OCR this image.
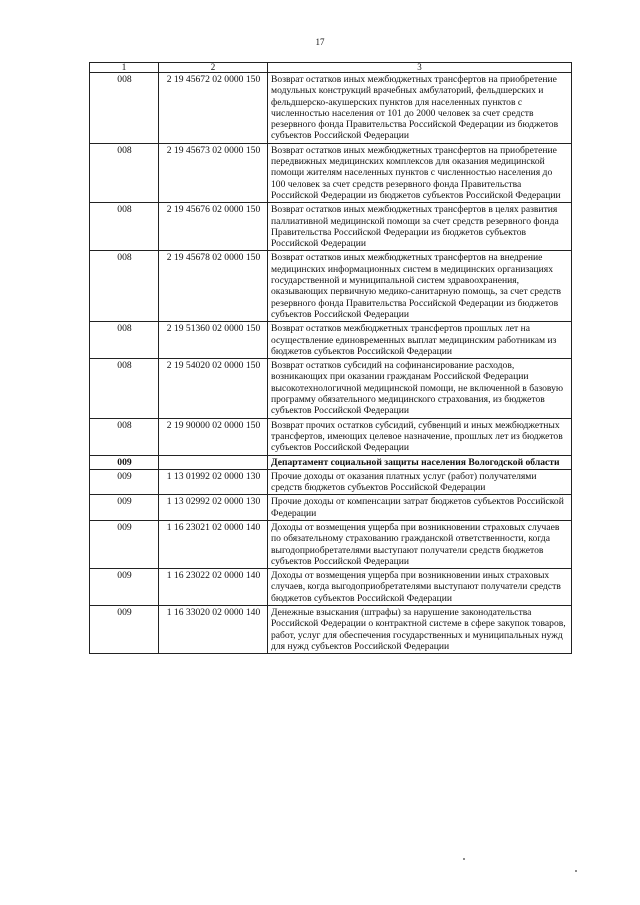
17
1	2	3
008	2 19 45672 02 0000 150	Возврат остатков иных межбюджетных трансфертов на приобретение модульных конструкций врачебных амбулаторий, фельдшерских и фельдшерско-акушерских пунктов для населенных пунктов с численностью населения от 101 до 2000 человек за счет средств резервного фонда Правительства Российской Федерации из бюджетов субъектов Российской Федерации
008	2 19 45673 02 0000 150	Возврат остатков иных межбюджетных трансфертов на приобретение передвижных медицинских комплексов для оказания медицинской помощи жителям населенных пунктов с численностью населения до 100 человек за счет средств резервного фонда Правительства Российской Федерации из бюджетов субъектов Российской Федерации
008	2 19 45676 02 0000 150	Возврат остатков иных межбюджетных трансфертов в целях развития паллиативной медицинской помощи за счет средств резервного фонда Правительства Российской Федерации из бюджетов субъектов Российской Федерации
008	2 19 45678 02 0000 150	Возврат остатков иных межбюджетных трансфертов на внедрение медицинских информационных систем в медицинских организациях государственной и муниципальной систем здравоохранения, оказывающих первичную медико-санитарную помощь, за счет средств резервного фонда Правительства Российской Федерации из бюджетов субъектов Российской Федерации
008	2 19 51360 02 0000 150	Возврат остатков межбюджетных трансфертов прошлых лет на осуществление единовременных выплат медицинским работникам из бюджетов субъектов Российской Федерации
008	2 19 54020 02 0000 150	Возврат остатков субсидий на софинансирование расходов, возникающих при оказании гражданам Российской Федерации высокотехнологичной медицинской помощи, не включенной в базовую программу обязательного медицинского страхования, из бюджетов субъектов Российской Федерации
008	2 19 90000 02 0000 150	Возврат прочих остатков субсидий, субвенций и иных межбюджетных трансфертов, имеющих целевое назначение, прошлых лет из бюджетов субъектов Российской Федерации
009		Департамент социальной защиты населения Вологодской области
009	1 13 01992 02 0000 130	Прочие доходы от оказания платных услуг (работ) получателями средств бюджетов субъектов Российской Федерации
009	1 13 02992 02 0000 130	Прочие доходы от компенсации затрат бюджетов субъектов Российской Федерации
009	1 16 23021 02 0000 140	Доходы от возмещения ущерба при возникновении страховых случаев по обязательному страхованию гражданской ответственности, когда выгодоприобретателями выступают получатели средств бюджетов субъектов Российской Федерации
009	1 16 23022 02 0000 140	Доходы от возмещения ущерба при возникновении иных страховых случаев, когда выгодоприобретателями выступают получатели средств бюджетов субъектов Российской Федерации
009	1 16 33020 02 0000 140	Денежные взыскания (штрафы) за нарушение законодательства Российской Федерации о контрактной системе в сфере закупок товаров, работ, услуг для обеспечения государственных и муниципальных нужд для нужд субъектов Российской Федерации
